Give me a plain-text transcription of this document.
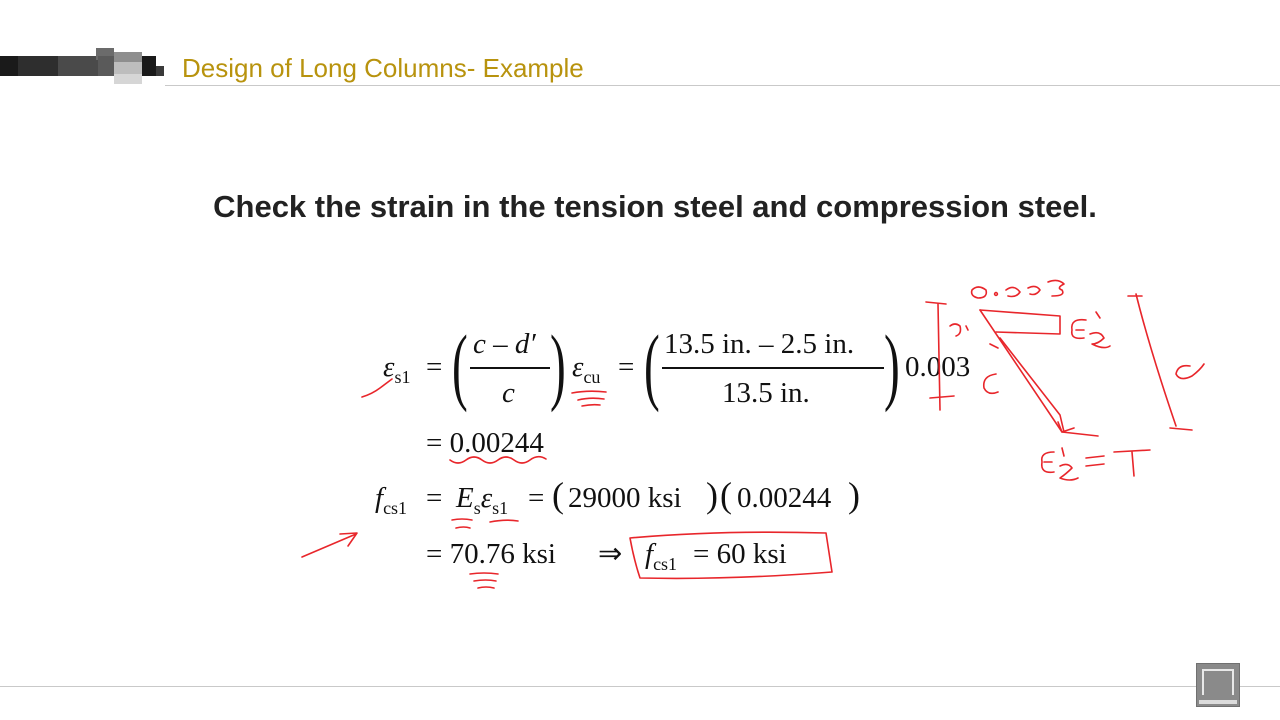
Design of Long Columns- Example
Check the strain in the tension steel and compression steel.
$\varepsilon_{s1}$ = ( c – d′
c ) $\varepsilon_{cu}$ = ( 13.5 in. – 2.5 in.
13.5 in. ) 0.003
= 0.00244
$f_{cs1} = E_s\varepsilon_{s1}$ = ( 29000 ksi ) ( 0.00244 )
= 70.76 ksi ⇒ $f_{cs1} = 60$ ksi
